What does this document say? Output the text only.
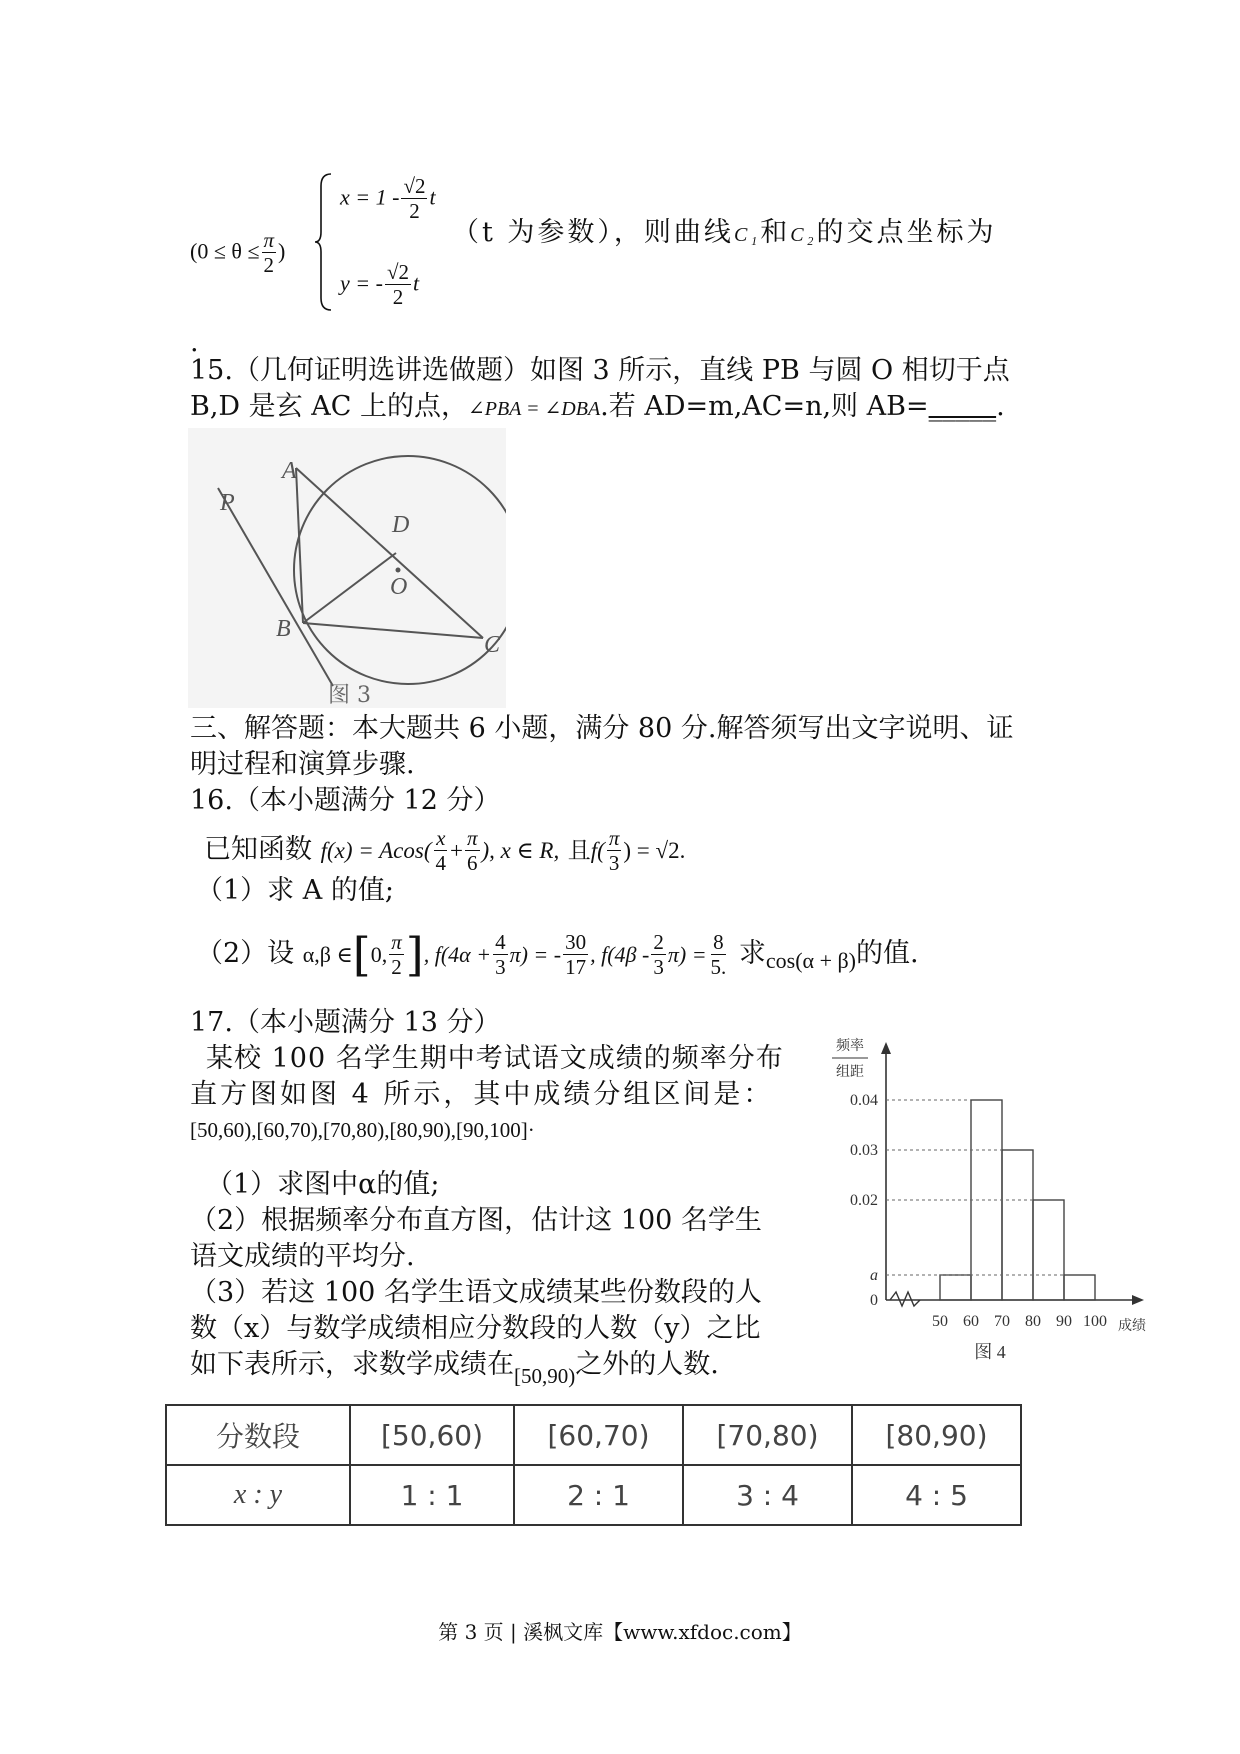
($0 \le \theta \le \frac{\pi}{2}$ )
$x = 1 - \frac{√2}{2}$ t
y = - $\frac{√2}{2}$ t
（t 为参数），则曲线C₁和C₂的交点坐标为
.
15.（几何证明选讲选做题）如图 3 所示，直线 PB 与圆 O 相切于点
B,D 是玄 AC 上的点，∠PBA = ∠DBA.若 AD=m,AC=n,则 AB=_____.
P
A
D
O
B
C
图 3
三、解答题：本大题共 6 小题，满分 80 分.解答须写出文字说明、证
明过程和演算步骤.
16.（本小题满分 12 分）
已知函数 $f(x) = Acos( \frac{x}{4} + \frac{\pi}{6}$ ), x ∈ R, 且$f( \frac{\pi}{3}$ ) = √2.
（1）求 A 的值;
（2）设 α,β ∈[0, $\frac{\pi}{2}$ ], $f(4\alpha + \frac{4}{3} \pi)$ = - $\frac{30}{17}$ , $f(4\beta - \frac{2}{3} \pi) = \frac{8}{5.}$ 求$_{cos(\alpha + \beta)}$的值.
17.（本小题满分 13 分）
某校 100 名学生期中考试语文成绩的频率分布
直方图如图 4 所示，其中成绩分组区间是：
[50,60),[60,70),[70,80),[80,90),[90,100]·
（1）求图中α的值;
（2）根据频率分布直方图，估计这 100 名学生
语文成绩的平均分.
（3）若这 100 名学生语文成绩某些份数段的人
数（x）与数学成绩相应分数段的人数（y）之比
如下表所示，求数学成绩在$_{[50,90)}$之外的人数.
0
a
0.02
0.03
0.04
50 60 70 80 90 100
频率
组距
成绩
图 4
分数段	[50,60)	[60,70)	[70,80)	[80,90)
x : y	1 : 1	2 : 1	3 : 4	4 : 5
第 3 页 | 溪枫文库【www.xfdoc.com】
